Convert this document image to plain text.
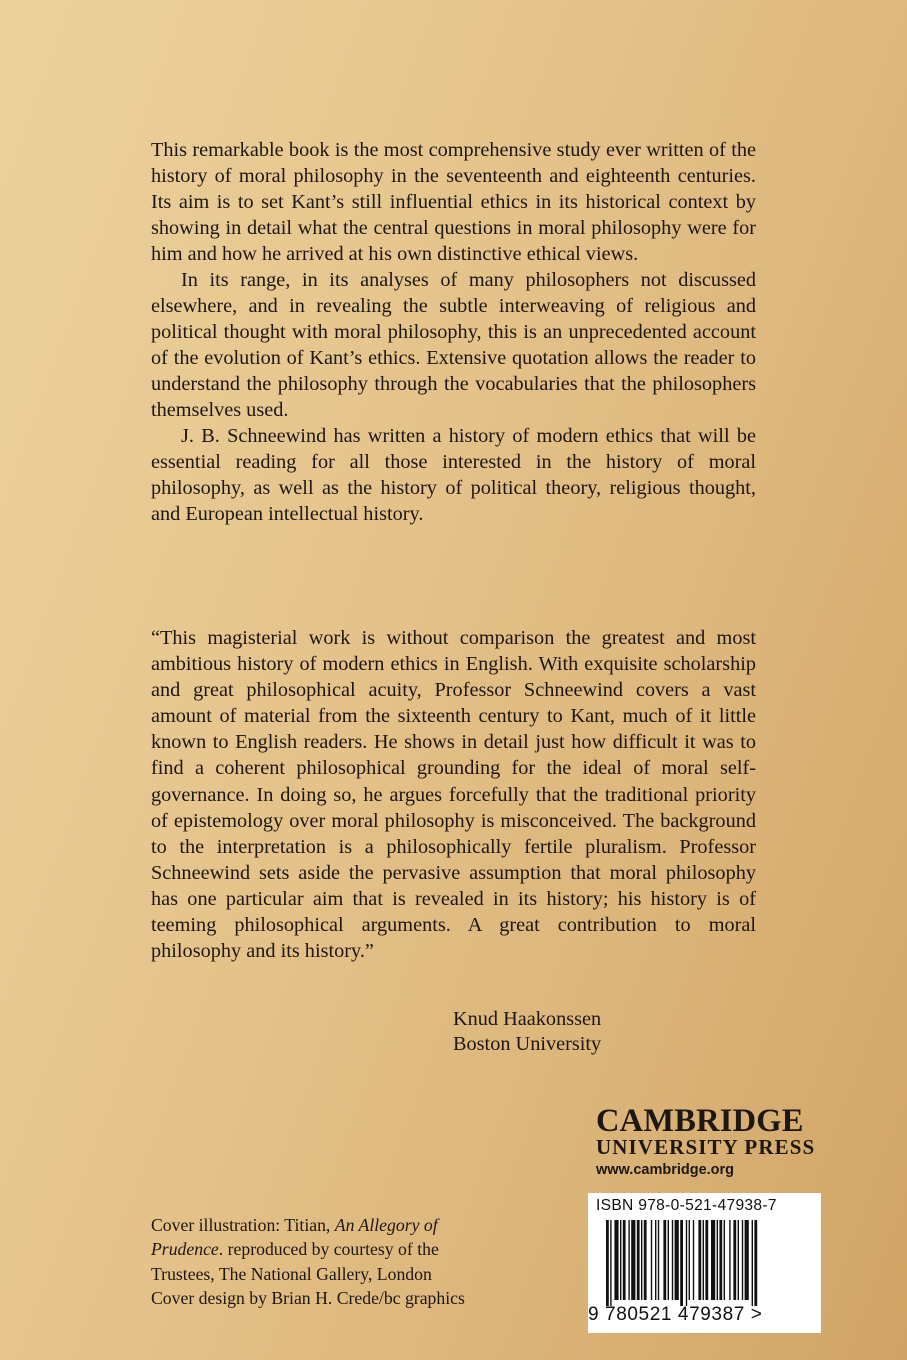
This remarkable book is the most comprehensive study ever written of the history of moral philosophy in the seventeenth and eighteenth centuries. Its aim is to set Kant’s still influential ethics in its historical context by showing in detail what the central questions in moral philosophy were for him and how he arrived at his own distinctive ethical views.

In its range, in its analyses of many philosophers not discussed elsewhere, and in revealing the subtle interweaving of religious and political thought with moral philosophy, this is an unprecedented account of the evolution of Kant’s ethics. Extensive quotation allows the reader to understand the philosophy through the vocabularies that the philosophers themselves used.

J. B. Schneewind has written a history of modern ethics that will be essential reading for all those interested in the history of moral philosophy, as well as the history of political theory, religious thought, and European intellectual history.

“This magisterial work is without comparison the greatest and most ambitious history of modern ethics in English. With exquisite scholarship and great philosophical acuity, Professor Schneewind covers a vast amount of material from the sixteenth century to Kant, much of it little known to English readers. He shows in detail just how difficult it was to find a coherent philosophical grounding for the ideal of moral self-governance. In doing so, he argues forcefully that the traditional priority of epistemology over moral philosophy is misconceived. The background to the interpretation is a philosophically fertile pluralism. Professor Schneewind sets aside the pervasive assumption that moral philosophy has one particular aim that is revealed in its history; his history is of teeming philosophical arguments. A great contribution to moral philosophy and its history.”

Knud Haakonssen
Boston University
CAMBRIDGE
UNIVERSITY PRESS
www.cambridge.org
ISBN 978-0-521-47938-7
9 780521 479387 >
Cover illustration: Titian, An Allegory of
Prudence. reproduced by courtesy of the
Trustees, The National Gallery, London
Cover design by Brian H. Crede/bc graphics
